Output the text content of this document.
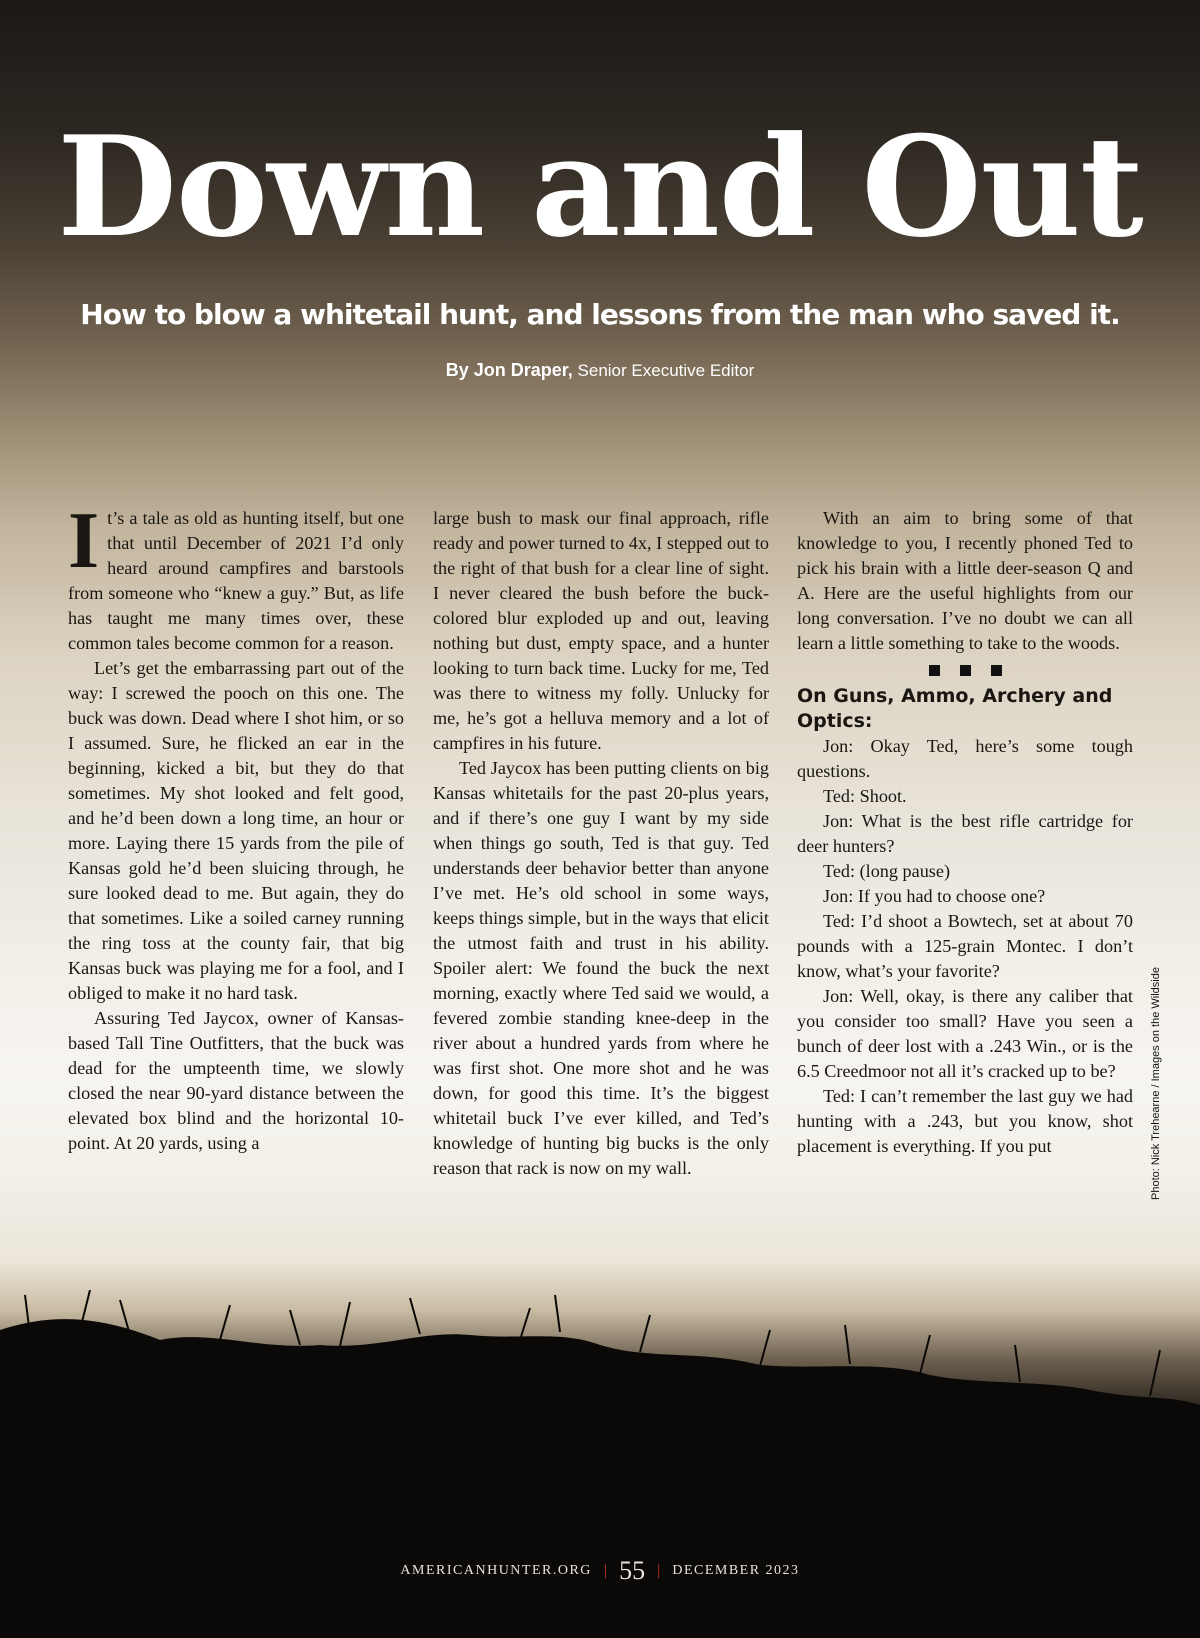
Down and Out
How to blow a whitetail hunt, and lessons from the man who saved it.
By Jon Draper, Senior Executive Editor

It’s a tale as old as hunting itself, but one that until December of 2021 I’d only heard around campfires and barstools from someone who “knew a guy.” But, as life has taught me many times over, these common tales become common for a reason.

Let’s get the embarrassing part out of the way: I screwed the pooch on this one. The buck was down. Dead where I shot him, or so I assumed. Sure, he flicked an ear in the beginning, kicked a bit, but they do that sometimes. My shot looked and felt good, and he’d been down a long time, an hour or more. Laying there 15 yards from the pile of Kansas gold he’d been sluicing through, he sure looked dead to me. But again, they do that sometimes. Like a soiled carney running the ring toss at the county fair, that big Kansas buck was playing me for a fool, and I obliged to make it no hard task.

Assuring Ted Jaycox, owner of Kansas-based Tall Tine Outfitters, that the buck was dead for the umpteenth time, we slowly closed the near 90-yard distance between the elevated box blind and the horizontal 10-point. At 20 yards, using a

large bush to mask our final approach, rifle ready and power turned to 4x, I stepped out to the right of that bush for a clear line of sight. I never cleared the bush before the buck-colored blur exploded up and out, leaving nothing but dust, empty space, and a hunter looking to turn back time. Lucky for me, Ted was there to witness my folly. Unlucky for me, he’s got a helluva memory and a lot of campfires in his future.

Ted Jaycox has been putting clients on big Kansas whitetails for the past 20-plus years, and if there’s one guy I want by my side when things go south, Ted is that guy. Ted understands deer behavior better than anyone I’ve met. He’s old school in some ways, keeps things simple, but in the ways that elicit the utmost faith and trust in his ability. Spoiler alert: We found the buck the next morning, exactly where Ted said we would, a fevered zombie standing knee-deep in the river about a hundred yards from where he was first shot. One more shot and he was down, for good this time. It’s the biggest whitetail buck I’ve ever killed, and Ted’s knowledge of hunting big bucks is the only reason that rack is now on my wall.

With an aim to bring some of that knowledge to you, I recently phoned Ted to pick his brain with a little deer-season Q and A. Here are the useful highlights from our long conversation. I’ve no doubt we can all learn a little something to take to the woods.

On Guns, Ammo, Archery and Optics:

Jon: Okay Ted, here’s some tough questions.

Ted: Shoot.

Jon: What is the best rifle cartridge for deer hunters?

Ted: (long pause)

Jon: If you had to choose one?

Ted: I’d shoot a Bowtech, set at about 70 pounds with a 125-grain Montec. I don’t know, what’s your favorite?

Jon: Well, okay, is there any caliber that you consider too small? Have you seen a bunch of deer lost with a .243 Win., or is the 6.5 Creedmoor not all it’s cracked up to be?

Ted: I can’t remember the last guy we had hunting with a .243, but you know, shot placement is everything. If you put	Photo: Nick Trehearne / Images on the Wildside
AMERICANHUNTER.ORG | 55 | DECEMBER 2023
